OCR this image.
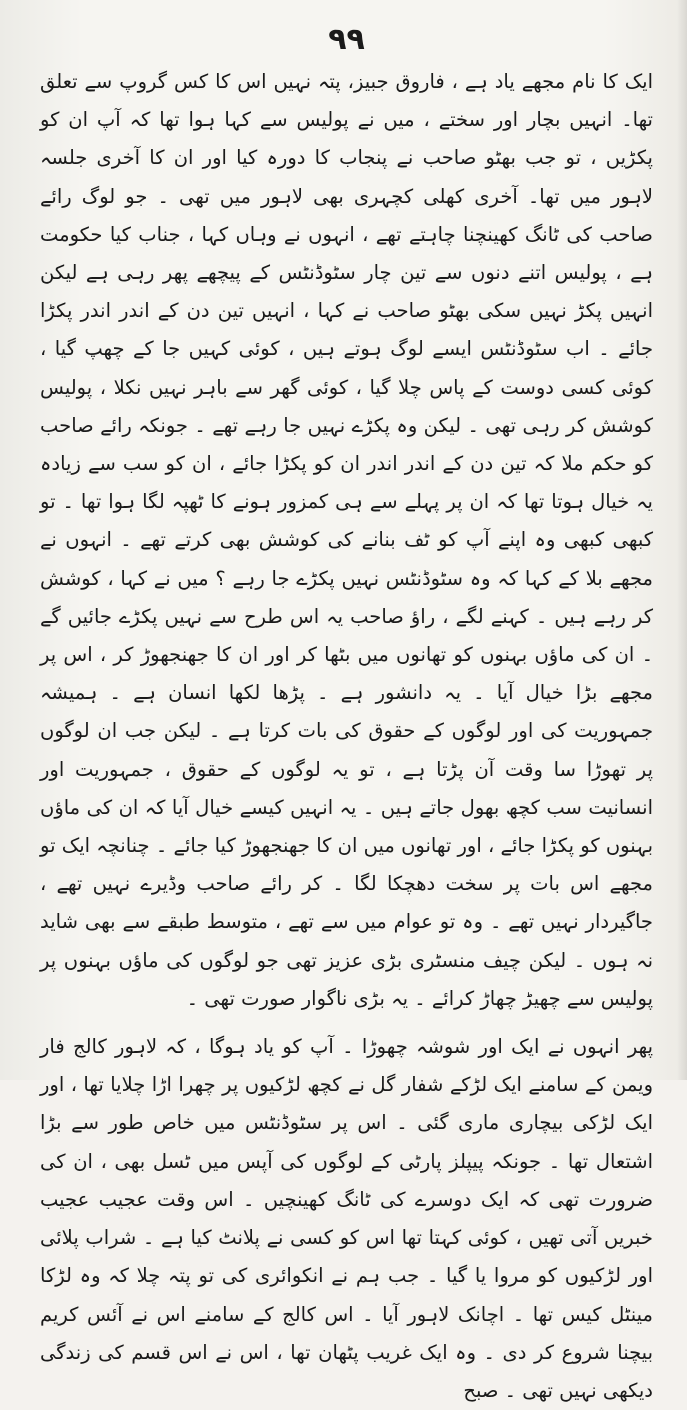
۹۹

ایک کا نام مجھے یاد ہے ، فاروق جبیز، پتہ نہیں اس کا کس گروپ سے تعلق تھا۔ انہیں بچار اور سختے ، میں نے پولیس سے کہا ہوا تھا کہ آپ ان کو پکڑیں ، تو جب بھٹو صاحب نے پنجاب کا دورہ کیا اور ان کا آخری جلسہ لاہور میں تھا۔ آخری کھلی کچہری بھی لاہور میں تھی ۔ جو لوگ رائے صاحب کی ٹانگ کھینچنا چاہتے تھے ، انہوں نے وہاں کہا ، جناب کیا حکومت ہے ، پولیس اتنے دنوں سے تین چار سٹوڈنٹس کے پیچھے پھر رہی ہے لیکن انہیں پکڑ نہیں سکی بھٹو صاحب نے کہا ، انہیں تین دن کے اندر اندر پکڑا جائے ۔ اب سٹوڈنٹس ایسے لوگ ہوتے ہیں ، کوئی کہیں جا کے چھپ گیا ، کوئی کسی دوست کے پاس چلا گیا ، کوئی گھر سے باہر نہیں نکلا ، پولیس کوشش کر رہی تھی ۔ لیکن وہ پکڑے نہیں جا رہے تھے ۔ جونکہ رائے صاحب کو حکم ملا کہ تین دن کے اندر اندر ان کو پکڑا جائے ، ان کو سب سے زیادہ یہ خیال ہوتا تھا کہ ان پر پہلے سے ہی کمزور ہونے کا ٹھپہ لگا ہوا تھا ۔ تو کبھی کبھی وہ اپنے آپ کو ٹف بنانے کی کوشش بھی کرتے تھے ۔ انہوں نے مجھے بلا کے کہا کہ وہ سٹوڈنٹس نہیں پکڑے جا رہے ؟ میں نے کہا ، کوشش کر رہے ہیں ۔ کہنے لگے ، راؤ صاحب یہ اس طرح سے نہیں پکڑے جائیں گے ۔ ان کی ماؤں بہنوں کو تھانوں میں بٹھا کر اور ان کا جھنجھوڑ کر ، اس پر مجھے بڑا خیال آیا ۔ یہ دانشور ہے ۔ پڑھا لکھا انسان ہے ۔ ہمیشہ جمہوریت کی اور لوگوں کے حقوق کی بات کرتا ہے ۔ لیکن جب ان لوگوں پر تھوڑا سا وقت آن پڑتا ہے ، تو یہ لوگوں کے حقوق ، جمہوریت اور انسانیت سب کچھ بھول جاتے ہیں ۔ یہ انہیں کیسے خیال آیا کہ ان کی ماؤں بہنوں کو پکڑا جائے ، اور تھانوں میں ان کا جھنجھوڑ کیا جائے ۔ چنانچہ ایک تو مجھے اس بات پر سخت دھچکا لگا ۔ کر رائے صاحب وڈیرے نہیں تھے ، جاگیردار نہیں تھے ۔ وہ تو عوام میں سے تھے ، متوسط طبقے سے بھی شاید نہ ہوں ۔ لیکن چیف منسٹری بڑی عزیز تھی جو لوگوں کی ماؤں بہنوں پر پولیس سے چھیڑ چھاڑ کرائے ۔ یہ بڑی ناگوار صورت تھی ۔

پھر انہوں نے ایک اور شوشہ چھوڑا ۔ آپ کو یاد ہوگا ، کہ لاہور کالج فار ویمن کے سامنے ایک لڑکے شفار گل نے کچھ لڑکیوں پر چھرا اڑا چلایا تھا ، اور ایک لڑکی بیچاری ماری گئی ۔ اس پر سٹوڈنٹس میں خاص طور سے بڑا اشتعال تھا ۔ جونکہ پیپلز پارٹی کے لوگوں کی آپس میں ٹسل بھی ، ان کی ضرورت تھی کہ ایک دوسرے کی ٹانگ کھینچیں ۔ اس وقت عجیب عجیب خبریں آتی تھیں ، کوئی کہتا تھا اس کو کسی نے پلانٹ کیا ہے ۔ شراب پلائی اور لڑکیوں کو مروا یا گیا ۔ جب ہم نے انکوائری کی تو پتہ چلا کہ وہ لڑکا مینٹل کیس تھا ۔ اچانک لاہور آیا ۔ اس کالج کے سامنے اس نے آئس کریم بیچنا شروع کر دی ۔ وہ ایک غریب پٹھان تھا ، اس نے اس قسم کی زندگی دیکھی نہیں تھی ۔ صبح
